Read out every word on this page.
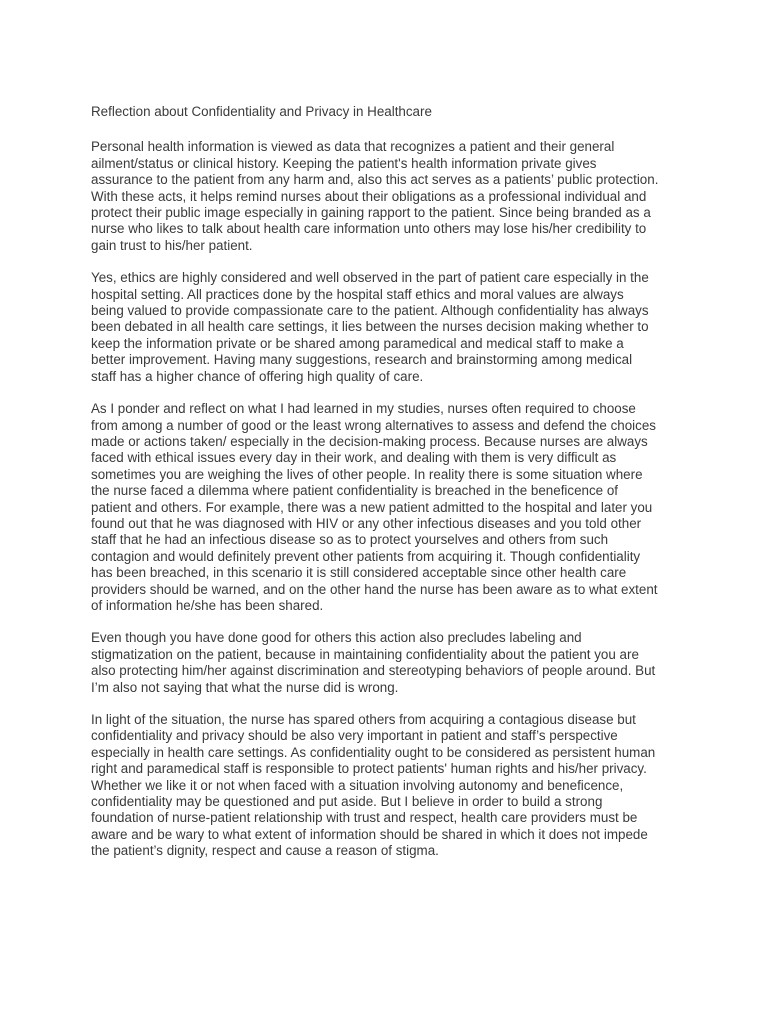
Reflection about Confidentiality and Privacy in Healthcare

Personal health information is viewed as data that recognizes a patient and their general
ailment/status or clinical history. Keeping the patient's health information private gives
assurance to the patient from any harm and, also this act serves as a patients’ public protection.
With these acts, it helps remind nurses about their obligations as a professional individual and
protect their public image especially in gaining rapport to the patient. Since being branded as a
nurse who likes to talk about health care information unto others may lose his/her credibility to
gain trust to his/her patient.

Yes, ethics are highly considered and well observed in the part of patient care especially in the
hospital setting. All practices done by the hospital staff ethics and moral values are always
being valued to provide compassionate care to the patient. Although confidentiality has always
been debated in all health care settings, it lies between the nurses decision making whether to
keep the information private or be shared among paramedical and medical staff to make a
better improvement. Having many suggestions, research and brainstorming among medical
staff has a higher chance of offering high quality of care.

As I ponder and reflect on what I had learned in my studies, nurses often required to choose
from among a number of good or the least wrong alternatives to assess and defend the choices
made or actions taken/ especially in the decision-making process. Because nurses are always
faced with ethical issues every day in their work, and dealing with them is very difficult as
sometimes you are weighing the lives of other people. In reality there is some situation where
the nurse faced a dilemma where patient confidentiality is breached in the beneficence of
patient and others. For example, there was a new patient admitted to the hospital and later you
found out that he was diagnosed with HIV or any other infectious diseases and you told other
staff that he had an infectious disease so as to protect yourselves and others from such
contagion and would definitely prevent other patients from acquiring it. Though confidentiality
has been breached, in this scenario it is still considered acceptable since other health care
providers should be warned, and on the other hand the nurse has been aware as to what extent
of information he/she has been shared.

Even though you have done good for others this action also precludes labeling and
stigmatization on the patient, because in maintaining confidentiality about the patient you are
also protecting him/her against discrimination and stereotyping behaviors of people around. But
I’m also not saying that what the nurse did is wrong.

In light of the situation, the nurse has spared others from acquiring a contagious disease but
confidentiality and privacy should be also very important in patient and staff’s perspective
especially in health care settings. As confidentiality ought to be considered as persistent human
right and paramedical staff is responsible to protect patients' human rights and his/her privacy.
Whether we like it or not when faced with a situation involving autonomy and beneficence,
confidentiality may be questioned and put aside. But I believe in order to build a strong
foundation of nurse-patient relationship with trust and respect, health care providers must be
aware and be wary to what extent of information should be shared in which it does not impede
the patient’s dignity, respect and cause a reason of stigma.
